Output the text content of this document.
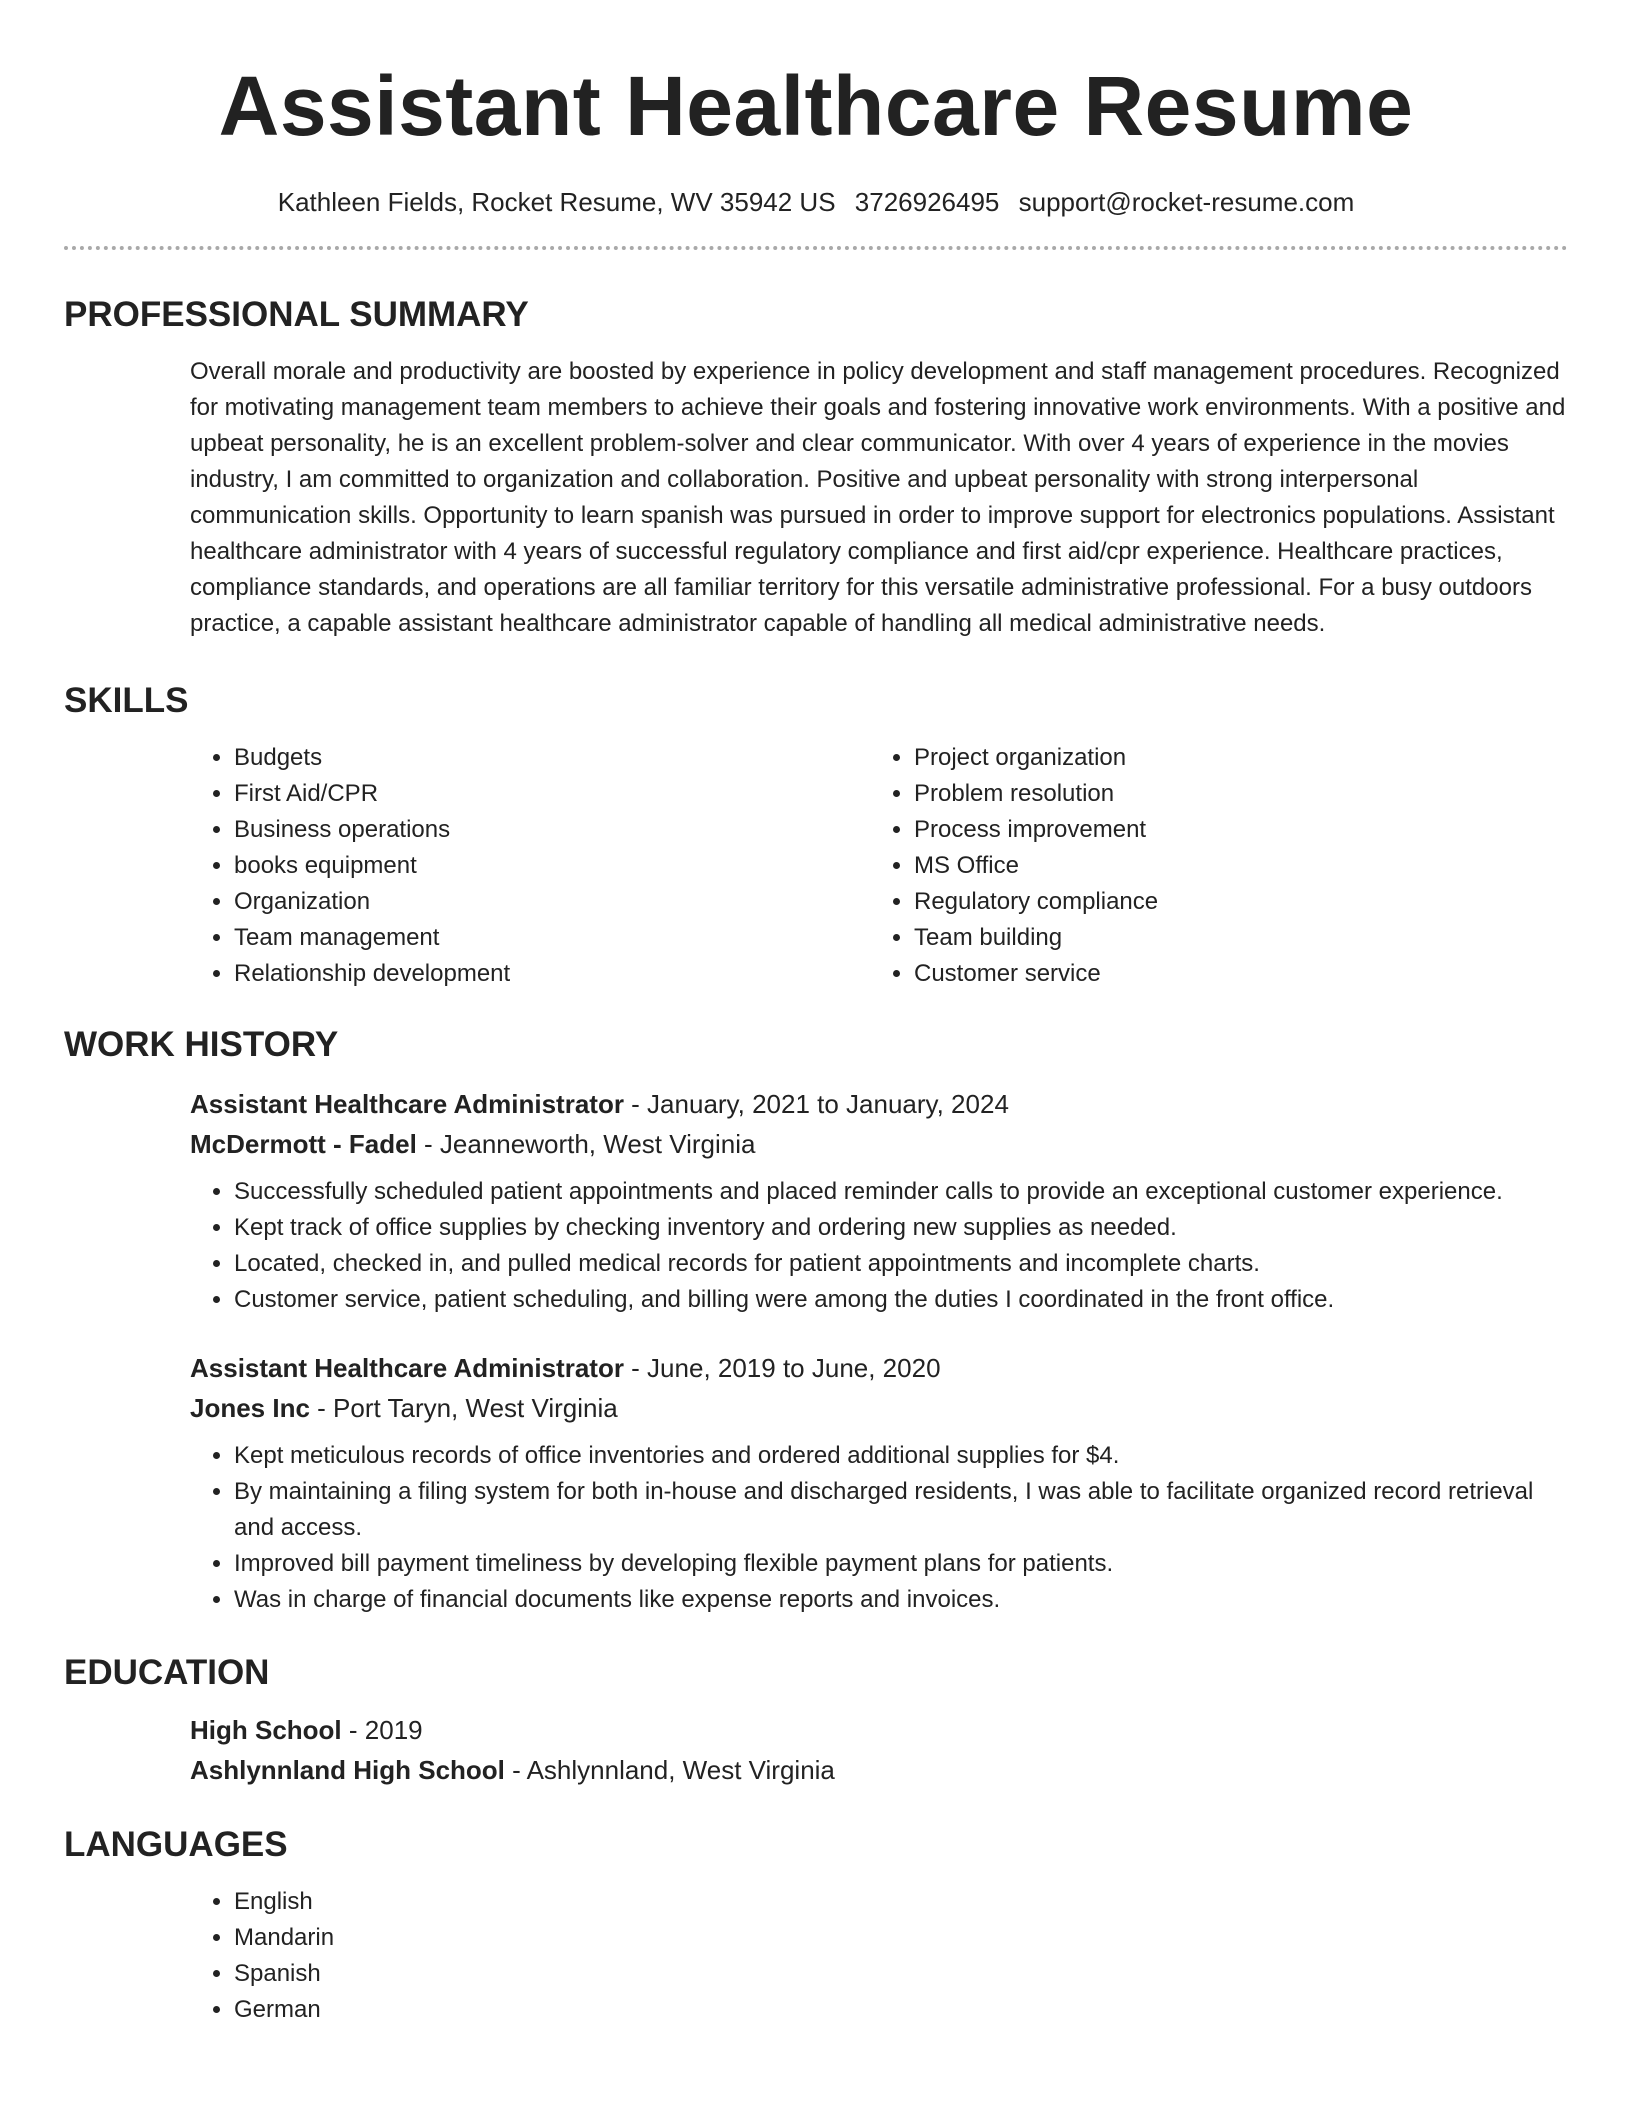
Assistant Healthcare Resume
Kathleen Fields, Rocket Resume, WV 35942 US 3726926495 support@rocket-resume.com
PROFESSIONAL SUMMARY

Overall morale and productivity are boosted by experience in policy development and staff management procedures. Recognized for motivating management team members to achieve their goals and fostering innovative work environments. With a positive and upbeat personality, he is an excellent problem-solver and clear communicator. With over 4 years of experience in the movies industry, I am committed to organization and collaboration. Positive and upbeat personality with strong interpersonal communication skills. Opportunity to learn spanish was pursued in order to improve support for electronics populations. Assistant healthcare administrator with 4 years of successful regulatory compliance and first aid/cpr experience. Healthcare practices, compliance standards, and operations are all familiar territory for this versatile administrative professional. For a busy outdoors practice, a capable assistant healthcare administrator capable of handling all medical administrative needs.

SKILLS
• Budgets
• First Aid/CPR
• Business operations
• books equipment
• Organization
• Team management
• Relationship development
• Project organization
• Problem resolution
• Process improvement
• MS Office
• Regulatory compliance
• Team building
• Customer service
WORK HISTORY
Assistant Healthcare Administrator - January, 2021 to January, 2024
McDermott - Fadel - Jeanneworth, West Virginia
• Successfully scheduled patient appointments and placed reminder calls to provide an exceptional customer experience.
• Kept track of office supplies by checking inventory and ordering new supplies as needed.
• Located, checked in, and pulled medical records for patient appointments and incomplete charts.
• Customer service, patient scheduling, and billing were among the duties I coordinated in the front office.
Assistant Healthcare Administrator - June, 2019 to June, 2020
Jones Inc - Port Taryn, West Virginia
• Kept meticulous records of office inventories and ordered additional supplies for $4.
• By maintaining a filing system for both in-house and discharged residents, I was able to facilitate organized record retrieval and access.
• Improved bill payment timeliness by developing flexible payment plans for patients.
• Was in charge of financial documents like expense reports and invoices.
EDUCATION
High School - 2019
Ashlynnland High School - Ashlynnland, West Virginia
LANGUAGES
• English
• Mandarin
• Spanish
• German
